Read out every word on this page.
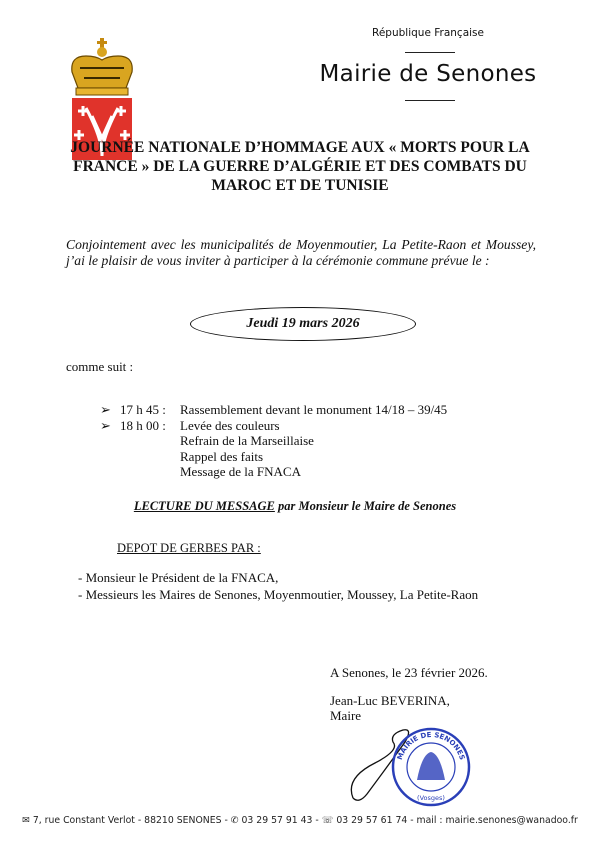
République Française
Mairie de Senones
JOURNÉE NATIONALE D’HOMMAGE AUX « MORTS POUR LA
FRANCE » DE LA GUERRE D’ALGÉRIE ET DES COMBATS DU
MAROC ET DE TUNISIE
Conjointement avec les municipalités de Moyenmoutier, La Petite-Raon et Moussey, j’ai le plaisir de vous inviter à participer à la cérémonie commune prévue le :
Jeudi 19 mars 2026
comme suit :
➢ 17 h 45 :	Rassemblement devant le monument 14/18 – 39/45
➢ 18 h 00 :	Levée des couleurs
Refrain de la Marseillaise
Rappel des faits
Message de la FNACA
LECTURE DU MESSAGE par Monsieur le Maire de Senones
DEPOT DE GERBES PAR :
- Monsieur le Président de la FNACA,
- Messieurs les Maires de Senones, Moyenmoutier, Moussey, La Petite-Raon
A Senones, le 23 février 2026.
Jean-Luc BEVERINA,
Maire
MAIRIE DE SENONES
(Vosges)
✉ 7, rue Constant Verlot - 88210 SENONES - ✆ 03 29 57 91 43 - ☏ 03 29 57 61 74 - mail : mairie.senones@wanadoo.fr
